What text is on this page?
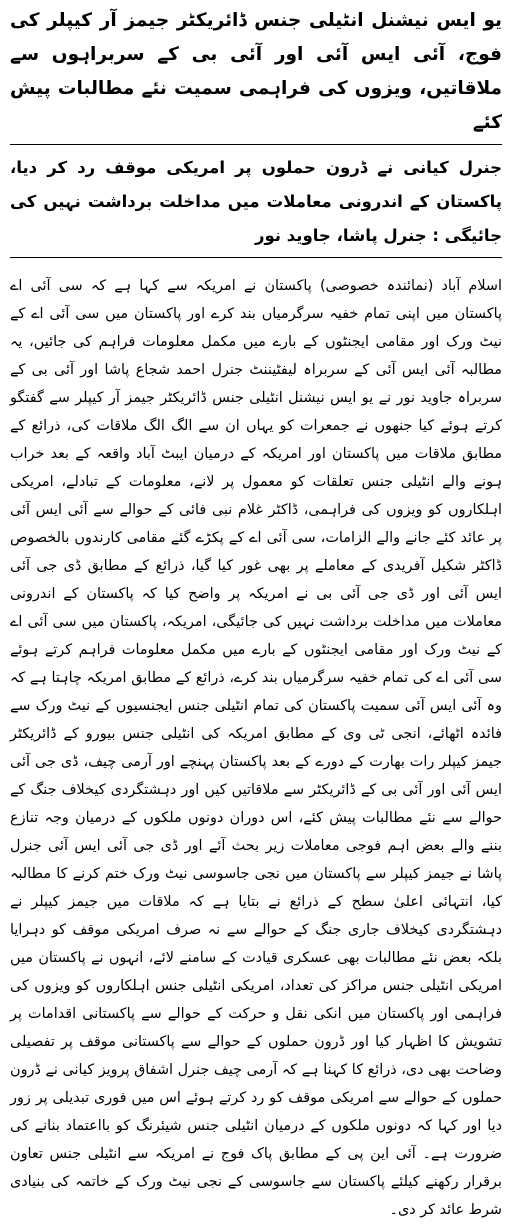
یو ایس نیشنل انٹیلی جنس ڈائریکٹر جیمز آر کیپلر کی فوج، آئی ایس آئی اور آئی بی کے سربراہوں سے ملاقاتیں، ویزوں کی فراہمی سمیت نئے مطالبات پیش کئے

جنرل کیانی نے ڈرون حملوں پر امریکی موقف رد کر دیا، پاکستان کے اندرونی معاملات میں مداخلت برداشت نہیں کی جائیگی : جنرل پاشا، جاوید نور

اسلام آباد (نمائندہ خصوصی) پاکستان نے امریکہ سے کہا ہے کہ سی آئی اے پاکستان میں اپنی تمام خفیہ سرگرمیاں بند کرے اور پاکستان میں سی آئی اے کے نیٹ ورک اور مقامی ایجنٹوں کے بارے میں مکمل معلومات فراہم کی جائیں، یہ مطالبہ آئی ایس آئی کے سربراہ لیفٹیننٹ جنرل احمد شجاع پاشا اور آئی بی کے سربراہ جاوید نور نے یو ایس نیشنل انٹیلی جنس ڈائریکٹر جیمز آر کیپلر سے گفتگو کرتے ہوئے کیا جنھوں نے جمعرات کو یہاں ان سے الگ الگ ملاقات کی، ذرائع کے مطابق ملاقات میں پاکستان اور امریکہ کے درمیان ایبٹ آباد واقعہ کے بعد خراب ہونے والے انٹیلی جنس تعلقات کو معمول پر لانے، معلومات کے تبادلے، امریکی اہلکاروں کو ویزوں کی فراہمی، ڈاکٹر غلام نبی فائی کے حوالے سے آئی ایس آئی پر عائد کئے جانے والے الزامات، سی آئی اے کے پکڑے گئے مقامی کارندوں بالخصوص ڈاکٹر شکیل آفریدی کے معاملے پر بھی غور کیا گیا، ذرائع کے مطابق ڈی جی آئی ایس آئی اور ڈی جی آئی بی نے امریکہ پر واضح کیا کہ پاکستان کے اندرونی معاملات میں مداخلت برداشت نہیں کی جائیگی، امریکہ، پاکستان میں سی آئی اے کے نیٹ ورک اور مقامی ایجنٹوں کے بارے میں مکمل معلومات فراہم کرتے ہوئے سی آئی اے کی تمام خفیہ سرگرمیاں بند کرے، ذرائع کے مطابق امریکہ چاہتا ہے کہ وہ آئی ایس آئی سمیت پاکستان کی تمام انٹیلی جنس ایجنسیوں کے نیٹ ورک سے فائدہ اٹھائے، انجی ٹی وی کے مطابق امریکہ کی انٹیلی جنس بیورو کے ڈائریکٹر جیمز کیپلر رات بھارت کے دورے کے بعد پاکستان پہنچے اور آرمی چیف، ڈی جی آئی ایس آئی اور آئی بی کے ڈائریکٹر سے ملاقاتیں کیں اور دہشتگردی کیخلاف جنگ کے حوالے سے نئے مطالبات پیش کئے، اس دوران دونوں ملکوں کے درمیان وجہ تنازع بننے والے بعض اہم فوجی معاملات زیر بحث آئے اور ڈی جی آئی ایس آئی جنرل پاشا نے جیمز کیپلر سے پاکستان میں نجی جاسوسی نیٹ ورک ختم کرنے کا مطالبہ کیا، انتہائی اعلیٰ سطح کے ذرائع نے بتایا ہے کہ ملاقات میں جیمز کیپلر نے دہشتگردی کیخلاف جاری جنگ کے حوالے سے نہ صرف امریکی موقف کو دہرایا بلکہ بعض نئے مطالبات بھی عسکری قیادت کے سامنے لائے، انہوں نے پاکستان میں امریکی انٹیلی جنس مراکز کی تعداد، امریکی انٹیلی جنس اہلکاروں کو ویزوں کی فراہمی اور پاکستان میں انکی نقل و حرکت کے حوالے سے پاکستانی اقدامات پر تشویش کا اظہار کیا اور ڈرون حملوں کے حوالے سے پاکستانی موقف پر تفصیلی وضاحت بھی دی، ذرائع کا کہنا ہے کہ آرمی چیف جنرل اشفاق پرویز کیانی نے ڈرون حملوں کے حوالے سے امریکی موقف کو رد کرتے ہوئے اس میں فوری تبدیلی پر زور دیا اور کہا کہ دونوں ملکوں کے درمیان انٹیلی جنس شیئرنگ کو بااعتماد بنانے کی ضرورت ہے۔ آئی این پی کے مطابق پاک فوج نے امریکہ سے انٹیلی جنس تعاون برقرار رکھنے کیلئے پاکستان سے جاسوسی کے نجی نیٹ ورک کے خاتمہ کی بنیادی شرط عائد کر دی۔
